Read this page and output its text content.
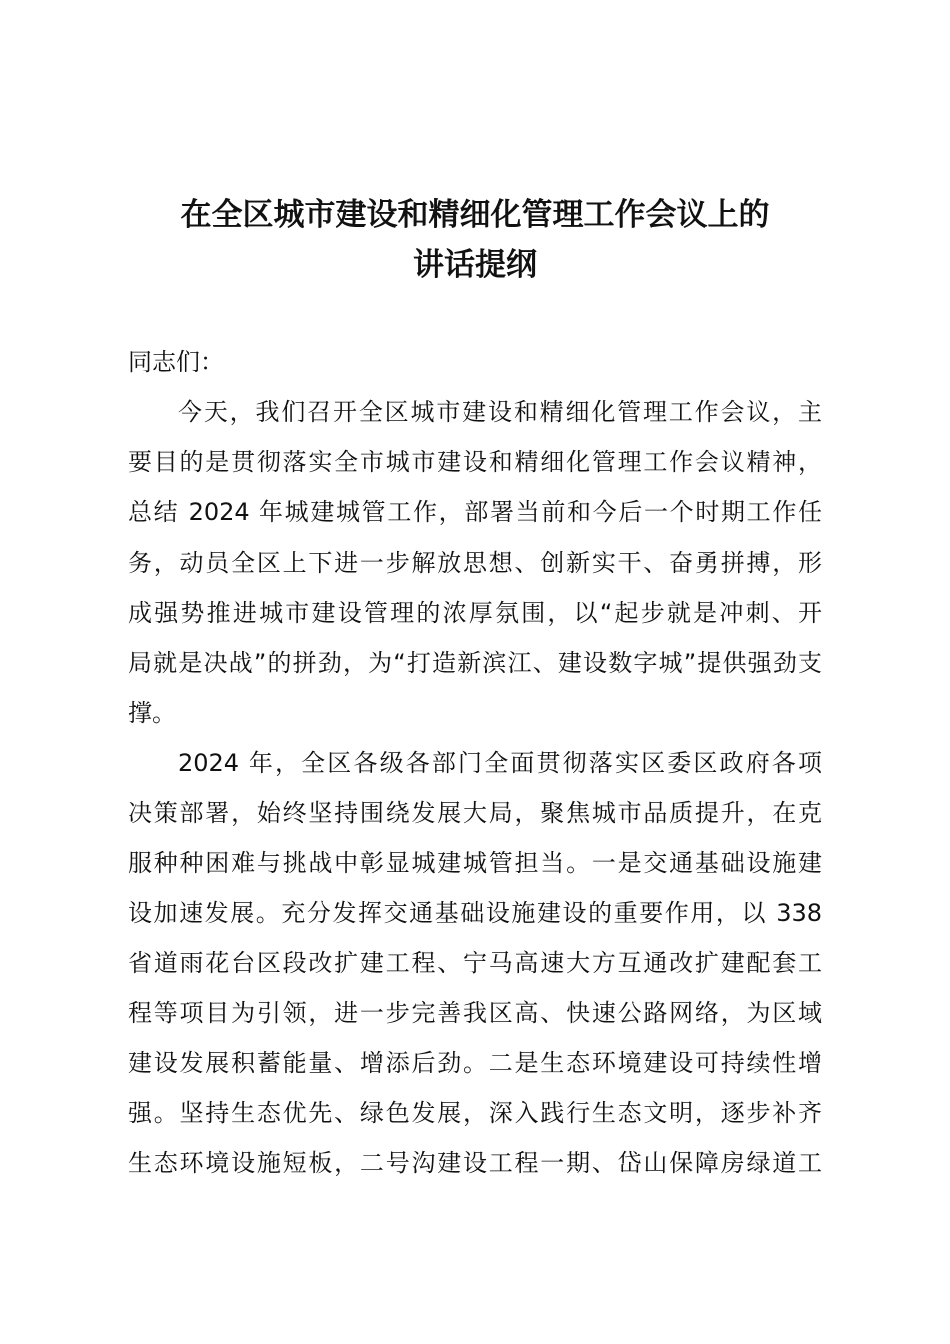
在全区城市建设和精细化管理工作会议上的
讲话提纲
同志们：
今天，我们召开全区城市建设和精细化管理工作会议，主
要目的是贯彻落实全市城市建设和精细化管理工作会议精神，
总结 2024 年城建城管工作，部署当前和今后一个时期工作任
务，动员全区上下进一步解放思想、创新实干、奋勇拼搏，形
成强势推进城市建设管理的浓厚氛围，以“起步就是冲刺、开
局就是决战”的拼劲，为“打造新滨江、建设数字城”提供强劲支
撑。
2024 年，全区各级各部门全面贯彻落实区委区政府各项
决策部署，始终坚持围绕发展大局，聚焦城市品质提升，在克
服种种困难与挑战中彰显城建城管担当。一是交通基础设施建
设加速发展。充分发挥交通基础设施建设的重要作用，以 338
省道雨花台区段改扩建工程、宁马高速大方互通改扩建配套工
程等项目为引领，进一步完善我区高、快速公路网络，为区域
建设发展积蓄能量、增添后劲。二是生态环境建设可持续性增
强。坚持生态优先、绿色发展，深入践行生态文明，逐步补齐
生态环境设施短板，二号沟建设工程一期、岱山保障房绿道工
